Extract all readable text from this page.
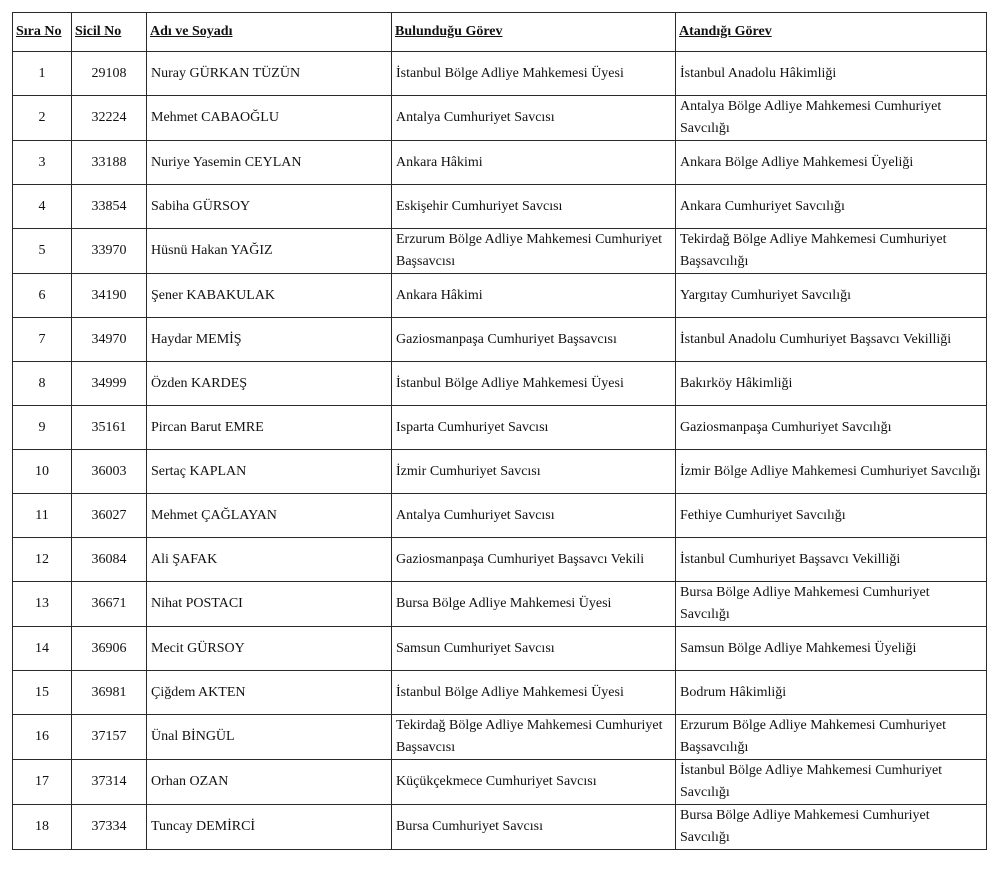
Sıra No	Sicil No	Adı ve Soyadı	Bulunduğu Görev	Atandığı Görev
1	29108	Nuray GÜRKAN TÜZÜN	İstanbul Bölge Adliye Mahkemesi Üyesi	İstanbul Anadolu Hâkimliği
2	32224	Mehmet CABAOĞLU	Antalya Cumhuriyet Savcısı	Antalya Bölge Adliye Mahkemesi Cumhuriyet Savcılığı
3	33188	Nuriye Yasemin CEYLAN	Ankara Hâkimi	Ankara Bölge Adliye Mahkemesi Üyeliği
4	33854	Sabiha GÜRSOY	Eskişehir Cumhuriyet Savcısı	Ankara Cumhuriyet Savcılığı
5	33970	Hüsnü Hakan YAĞIZ	Erzurum Bölge Adliye Mahkemesi Cumhuriyet Başsavcısı	Tekirdağ Bölge Adliye Mahkemesi Cumhuriyet Başsavcılığı
6	34190	Şener KABAKULAK	Ankara Hâkimi	Yargıtay Cumhuriyet Savcılığı
7	34970	Haydar MEMİŞ	Gaziosmanpaşa Cumhuriyet Başsavcısı	İstanbul Anadolu Cumhuriyet Başsavcı Vekilliği
8	34999	Özden KARDEŞ	İstanbul Bölge Adliye Mahkemesi Üyesi	Bakırköy Hâkimliği
9	35161	Pircan Barut EMRE	Isparta Cumhuriyet Savcısı	Gaziosmanpaşa Cumhuriyet Savcılığı
10	36003	Sertaç KAPLAN	İzmir Cumhuriyet Savcısı	İzmir Bölge Adliye Mahkemesi Cumhuriyet Savcılığı
11	36027	Mehmet ÇAĞLAYAN	Antalya Cumhuriyet Savcısı	Fethiye Cumhuriyet Savcılığı
12	36084	Ali ŞAFAK	Gaziosmanpaşa Cumhuriyet Başsavcı Vekili	İstanbul Cumhuriyet Başsavcı Vekilliği
13	36671	Nihat POSTACI	Bursa Bölge Adliye Mahkemesi Üyesi	Bursa Bölge Adliye Mahkemesi Cumhuriyet Savcılığı
14	36906	Mecit GÜRSOY	Samsun Cumhuriyet Savcısı	Samsun Bölge Adliye Mahkemesi Üyeliği
15	36981	Çiğdem AKTEN	İstanbul Bölge Adliye Mahkemesi Üyesi	Bodrum Hâkimliği
16	37157	Ünal BİNGÜL	Tekirdağ Bölge Adliye Mahkemesi Cumhuriyet Başsavcısı	Erzurum Bölge Adliye Mahkemesi Cumhuriyet Başsavcılığı
17	37314	Orhan OZAN	Küçükçekmece Cumhuriyet Savcısı	İstanbul Bölge Adliye Mahkemesi Cumhuriyet Savcılığı
18	37334	Tuncay DEMİRCİ	Bursa Cumhuriyet Savcısı	Bursa Bölge Adliye Mahkemesi Cumhuriyet Savcılığı
